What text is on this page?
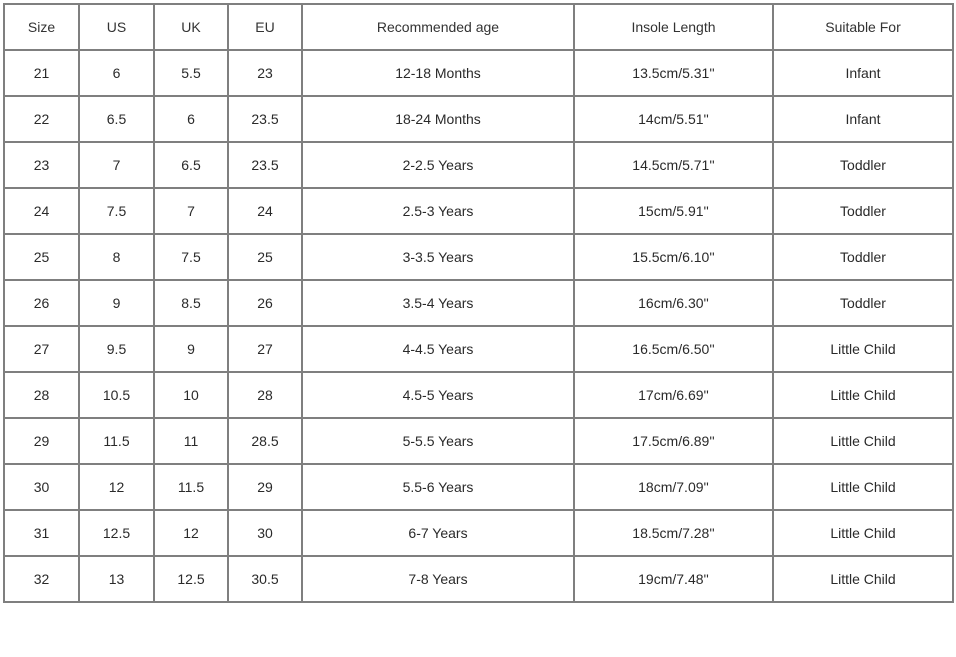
Size	US	UK	EU	Recommended age	Insole Length	Suitable For
21	6	5.5	23	12-18 Months	13.5cm/5.31''	Infant
22	6.5	6	23.5	18-24 Months	14cm/5.51''	Infant
23	7	6.5	23.5	2-2.5 Years	14.5cm/5.71''	Toddler
24	7.5	7	24	2.5-3 Years	15cm/5.91''	Toddler
25	8	7.5	25	3-3.5 Years	15.5cm/6.10''	Toddler
26	9	8.5	26	3.5-4 Years	16cm/6.30''	Toddler
27	9.5	9	27	4-4.5 Years	16.5cm/6.50''	Little Child
28	10.5	10	28	4.5-5 Years	17cm/6.69''	Little Child
29	11.5	11	28.5	5-5.5 Years	17.5cm/6.89''	Little Child
30	12	11.5	29	5.5-6 Years	18cm/7.09''	Little Child
31	12.5	12	30	6-7 Years	18.5cm/7.28''	Little Child
32	13	12.5	30.5	7-8 Years	19cm/7.48''	Little Child
